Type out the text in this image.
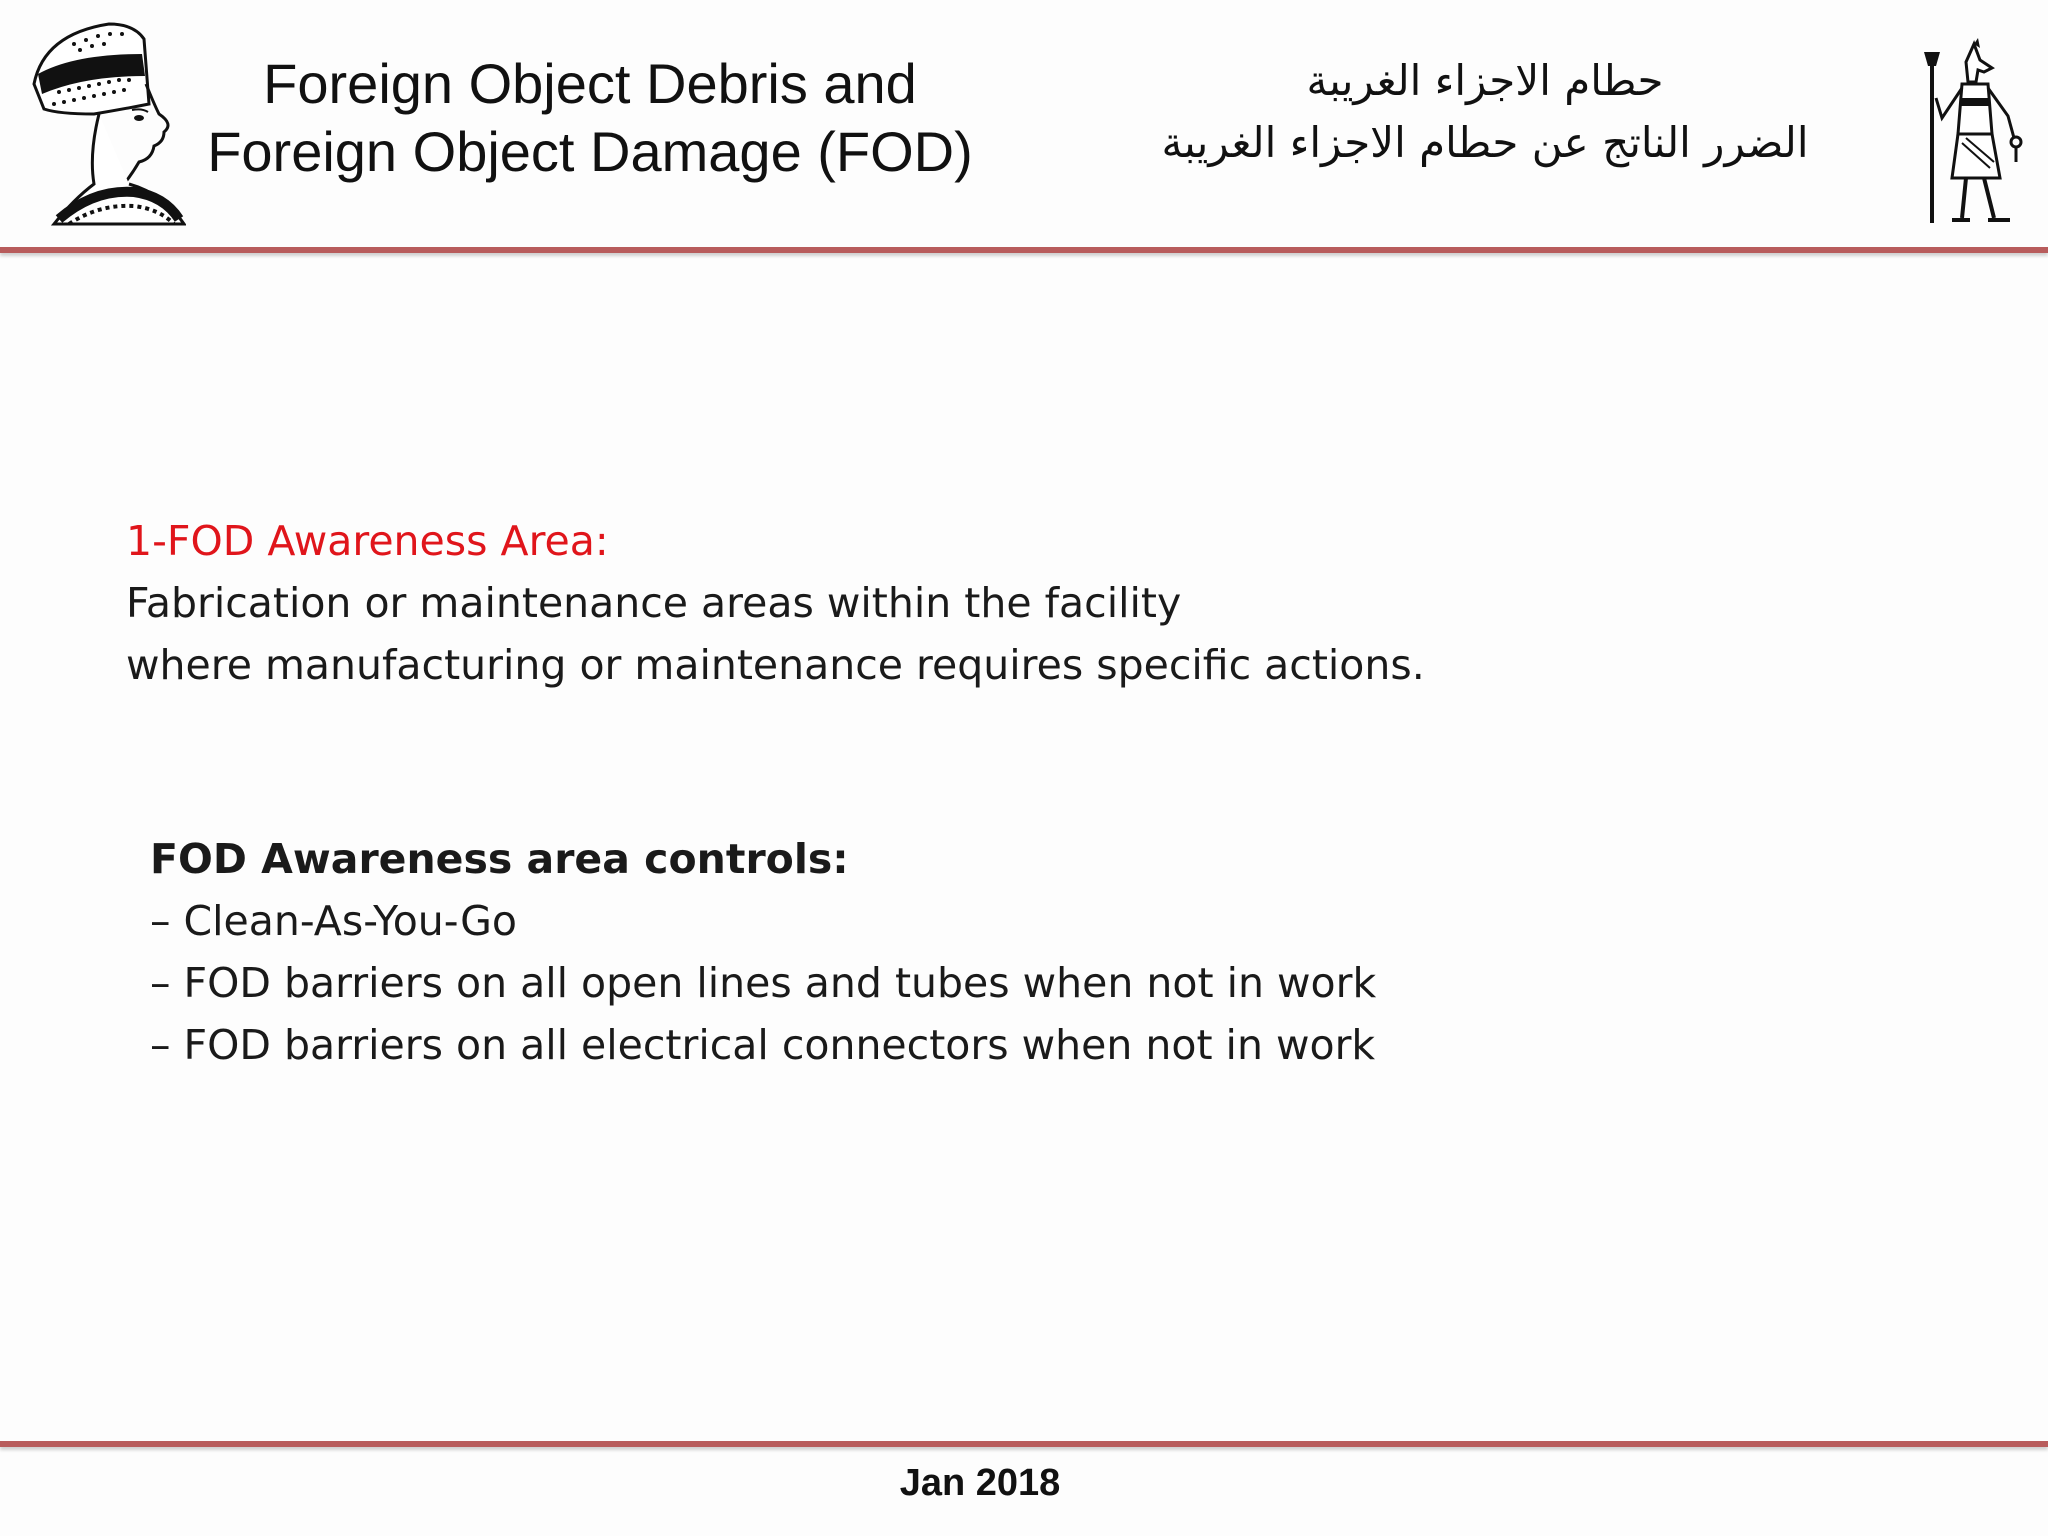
Foreign Object Debris and
Foreign Object Damage (FOD)
حطام الاجزاء الغريبة
الضرر الناتج عن حطام الاجزاء الغريبة
1-FOD Awareness Area:
Fabrication or maintenance areas within the facility
where manufacturing or maintenance requires specific actions.
FOD Awareness area controls:
– Clean-As-You-Go
– FOD barriers on all open lines and tubes when not in work
– FOD barriers on all electrical connectors when not in work
Jan 2018
